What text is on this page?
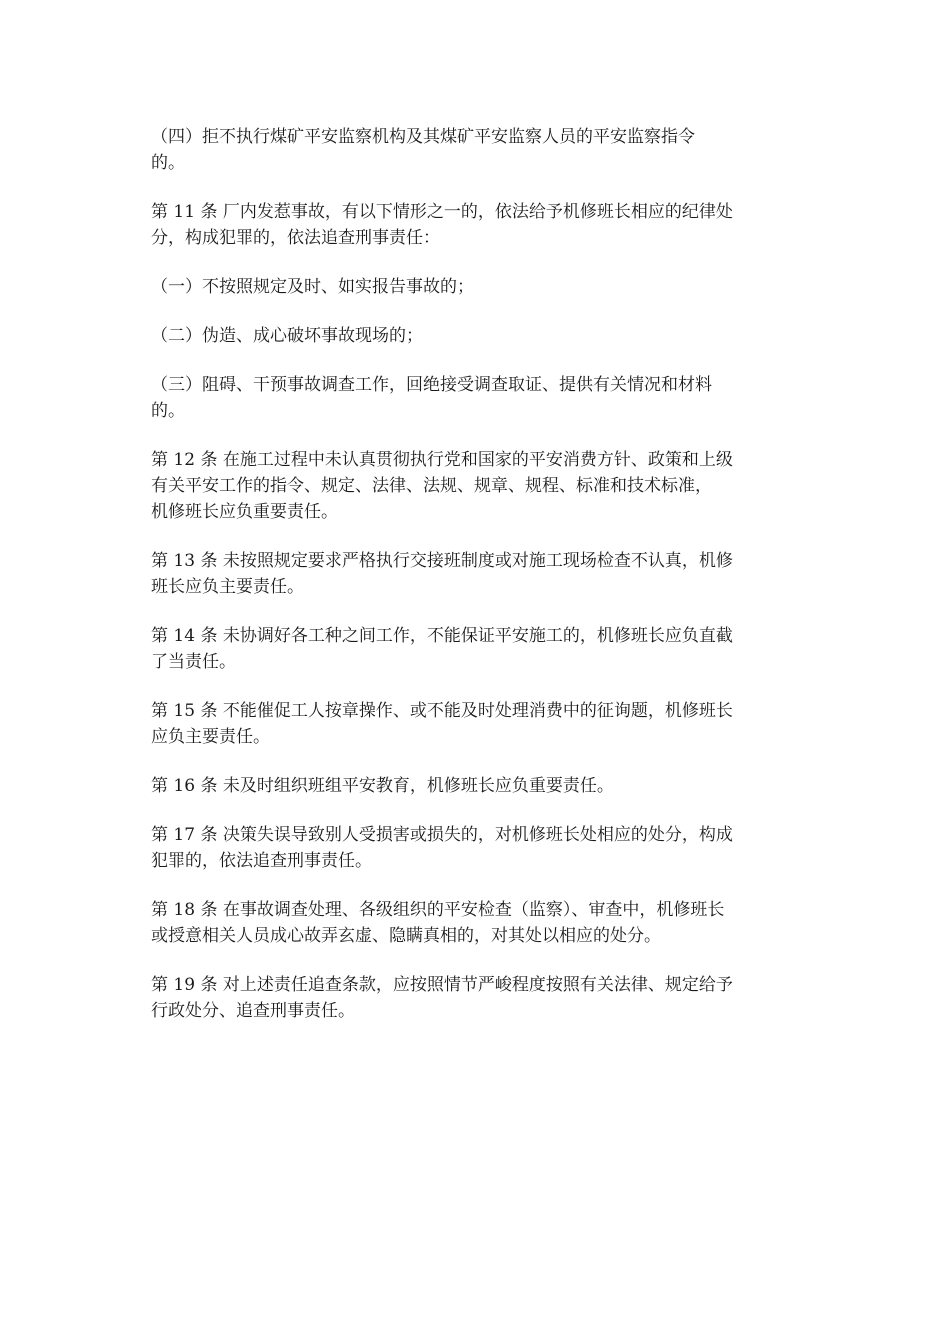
（四）拒不执行煤矿平安监察机构及其煤矿平安监察人员的平安监察指令
的。

第 11 条 厂内发惹事故，有以下情形之一的，依法给予机修班长相应的纪律处
分，构成犯罪的，依法追查刑事责任：

（一）不按照规定及时、如实报告事故的；

（二）伪造、成心破坏事故现场的；

（三）阻碍、干预事故调查工作，回绝接受调查取证、提供有关情况和材料
的。

第 12 条 在施工过程中未认真贯彻执行党和国家的平安消费方针、政策和上级
有关平安工作的指令、规定、法律、法规、规章、规程、标准和技术标准，
机修班长应负重要责任。

第 13 条 未按照规定要求严格执行交接班制度或对施工现场检查不认真，机修
班长应负主要责任。

第 14 条 未协调好各工种之间工作，不能保证平安施工的，机修班长应负直截
了当责任。

第 15 条 不能催促工人按章操作、或不能及时处理消费中的征询题，机修班长
应负主要责任。

第 16 条 未及时组织班组平安教育，机修班长应负重要责任。

第 17 条 决策失误导致别人受损害或损失的，对机修班长处相应的处分，构成
犯罪的，依法追查刑事责任。

第 18 条 在事故调查处理、各级组织的平安检查（监察）、审查中，机修班长
或授意相关人员成心故弄玄虚、隐瞒真相的，对其处以相应的处分。

第 19 条 对上述责任追查条款，应按照情节严峻程度按照有关法律、规定给予
行政处分、追查刑事责任。
